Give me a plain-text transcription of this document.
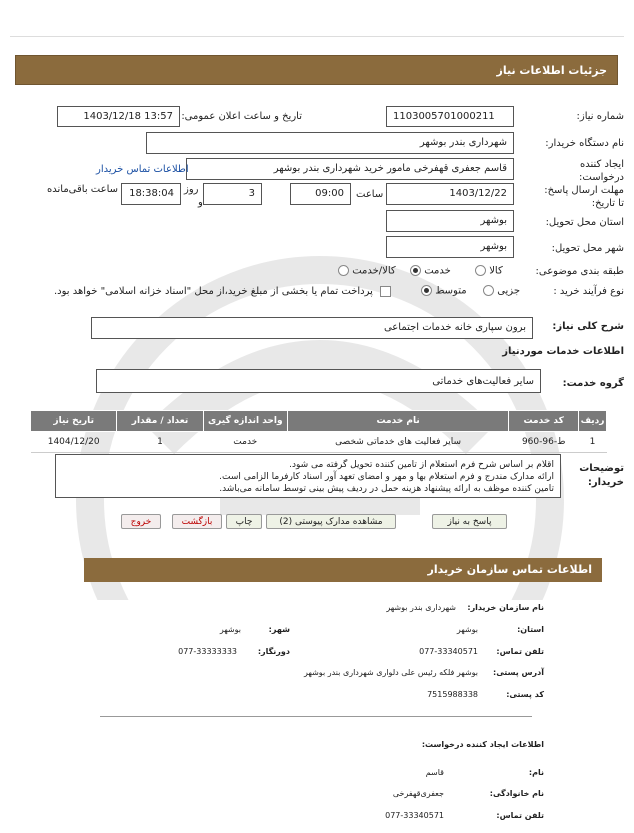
جزئیات اطلاعات نیاز
شماره نیاز:
1103005701000211
تاریخ و ساعت اعلان عمومی:
1403/12/18 13:57
نام دستگاه خریدار:
شهرداری بندر بوشهر
ایجاد کننده درخواست:
قاسم جعفری قهفرخی مامور خرید شهرداری بندر بوشهر
اطلاعات تماس خریدار
مهلت ارسال پاسخ: تا تاریخ:
1403/12/22
ساعت
09:00
3
روز
و
18:38:04
ساعت باقی‌مانده
استان محل تحویل:
بوشهر
شهر محل تحویل:
بوشهر
طبقه بندی موضوعی:
کالا
خدمت
کالا/خدمت
نوع فرآیند خرید :
جزیی
متوسط
پرداخت تمام یا بخشی از مبلغ خرید،از محل "اسناد خزانه اسلامی" خواهد بود.
شرح کلی نیاز:
برون سپاری خانه خدمات اجتماعی
اطلاعات خدمات موردنیاز
گروه خدمت:
سایر فعالیت‌های خدماتی
ردیف	کد خدمت	نام خدمت	واحد اندازه گیری	تعداد / مقدار	تاریخ نیاز
1	ط-96-960	سایر فعالیت های خدماتی شخصی	خدمت	1	1404/12/20
توضیحات خریدار:
اقلام بر اساس شرح فرم استعلام از تامین کننده تحویل گرفته می شود.
ارائه مدارک مندرج و فرم استعلام بها و مهر و امضای تعهد آور اسناد کارفرما الزامی است.
تامین کننده موظف به ارائه پیشنهاد هزینه حمل در ردیف پیش بینی توسط سامانه می‌باشد.
پاسخ به نیاز
مشاهده مدارک پیوستی (2)
چاپ
بازگشت
خروج
اطلاعات تماس سازمان خریدار
نام سازمان خریدار:
شهرداری بندر بوشهر
استان:
بوشهر
شهر:
بوشهر
تلفن تماس:
077-33340571
دورنگار:
077-33333333
آدرس پستی:
بوشهر فلکه رئیس علی دلواری شهرداری بندر بوشهر
کد پستی:
7515988338
اطلاعات ایجاد کننده درخواست:
نام:
قاسم
نام خانوادگی:
جعفری‌قهفرخی
تلفن تماس:
077-33340571
